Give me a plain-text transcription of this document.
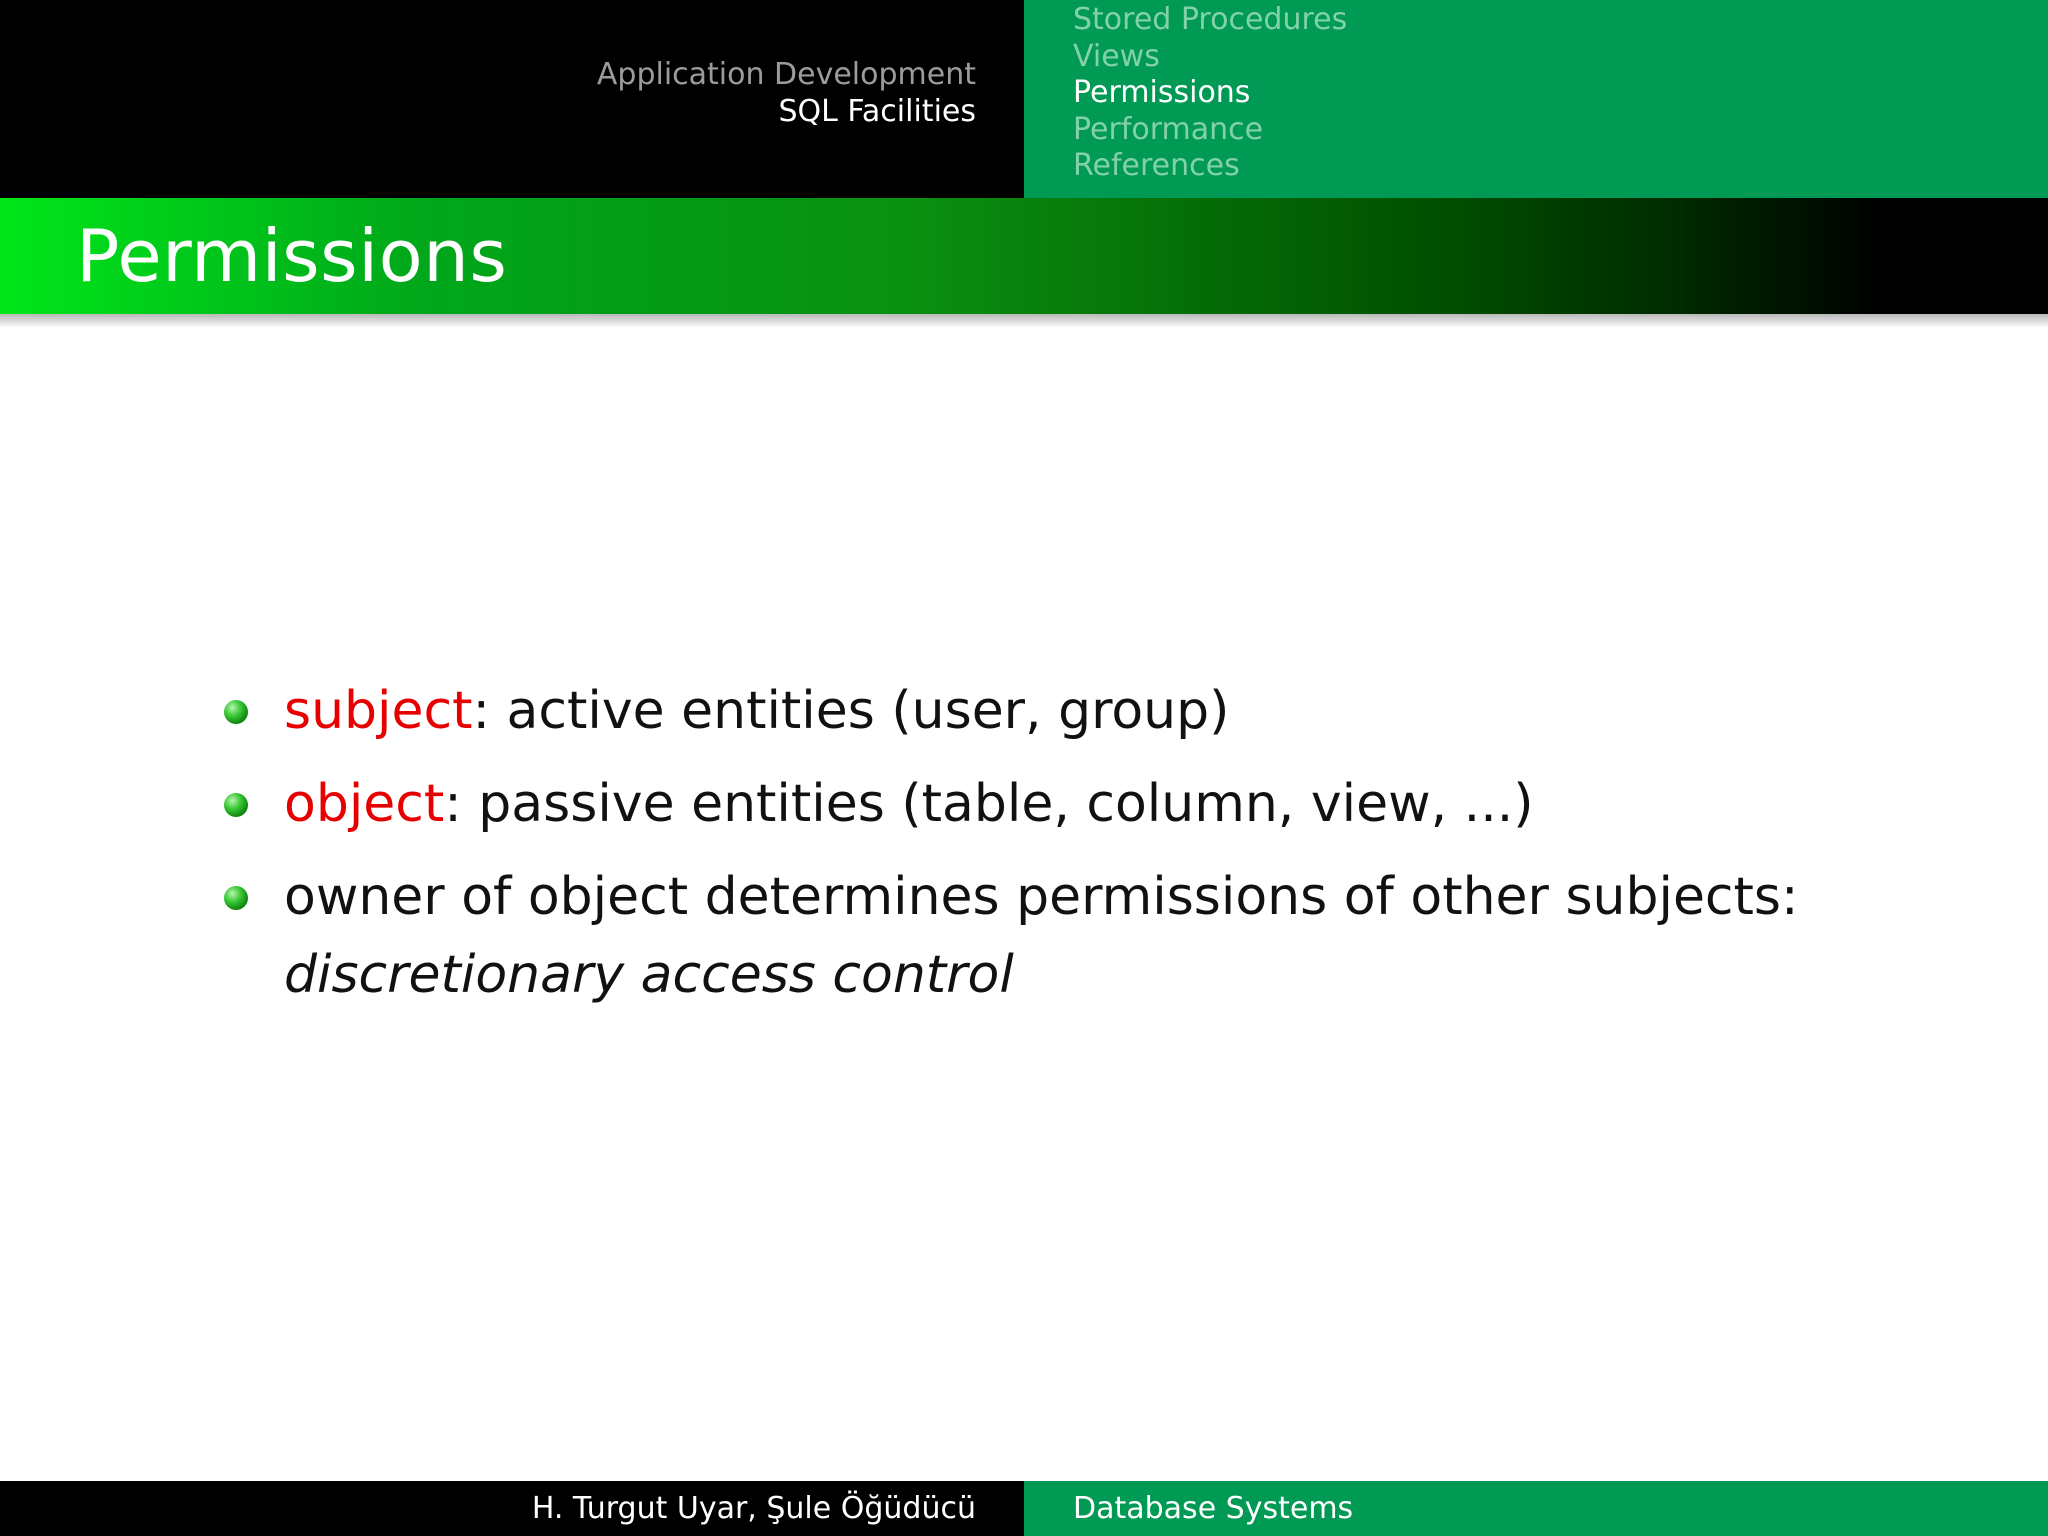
Application Development
SQL Facilities
Stored Procedures
Views
Permissions
Performance
References
Permissions
subject: active entities (user, group)
object: passive entities (table, column, view, ...)
owner of object determines permissions of other subjects:
discretionary access control
H. Turgut Uyar, Şule Öğüdücü	Database Systems
